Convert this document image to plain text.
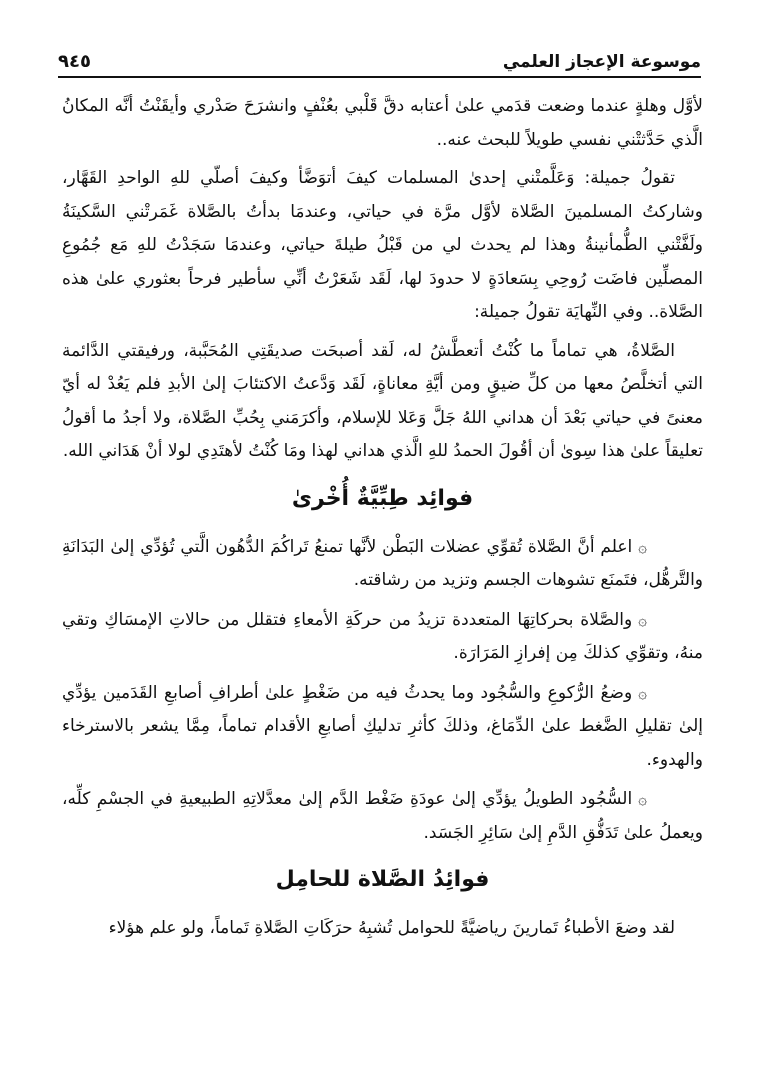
موسوعة الإعجاز العلمي
٩٤٥

لأوَّل وهلةٍ عندما وضعت قدَمي علىٰ أعتابه دقَّ قَلْبي بعُنْفٍ وانشرَحَ صَدْري وأيقَنْتُ أنَّه المكانُ الَّذي حَدَّثتْني نفسي طويلاً للبحث عنه..

تقولُ جميلة: وَعَلَّمتْني إحدىٰ المسلمات كيفَ أتوَضَّأ وكيفَ أصلّي للهِ الواحدِ القَهَّار، وشاركتُ المسلمينَ الصَّلاة لأوَّل مرَّة في حياتي، وعندمَا بدأتُ بالصَّلاة غَمَرتْني السَّكينَةُ ولَفَّتْني الطُّمأنينةُ وهذا لم يحدث لي من قَبْلُ طيلةَ حياتي، وعندمَا سَجَدْتُ للهِ مَع جُمُوعِ المصلِّين فاضَت رُوحِي بِسَعادَةٍ لا حدودَ لها، لَقَد شَعَرْتُ أنِّي سأطير فرحاً بعثوري علىٰ هذه الصَّلاة.. وفي النِّهايَة تقولُ جميلة:

الصَّلاةُ، هي تماماً ما كُنْتُ أتعطَّشُ له، لَقد أصبحَت صديقَتِي المُحَبَّبة، ورفيقتي الدَّائمة التي أتخلَّصُ معها من كلِّ ضيقٍ ومن أيَّةِ معاناةٍ، لَقَد وَدَّعتُ الاكتئابَ إلىٰ الأبدِ فلم يَعُدْ له أيّ معنىً في حياتي بَعْدَ أن هداني اللهُ جَلَّ وَعَلا للإسلام، وأكرَمَني بِحُبِّ الصَّلاة، ولا أجدُ ما أقولُ تعليقاً علىٰ هذا سِوىٰ أن أقُولَ الحمدُ للهِ الَّذي هداني لهذا ومَا كُنْتُ لأهتَدِي لولا أنْ هَدَاني الله.

فوائِد طِبِّيَّةٌ أُخْرىٰ

۞اعلم أنَّ الصَّلاة تُقوِّي عضلات البَطْن لأنَّها تمنعُ تَراكُمَ الدُّهُون الَّتي تُؤدِّي إلىٰ البَدَانَةِ والتَّرهُّل، فتَمنَع تشوهات الجسم وتزيد من رشاقته.

۞والصَّلاة بحركاتِهَا المتعددة تزيدُ من حركَةِ الأمعاءِ فتقلل من حالاتِ الإمسَاكِ وتقي منهُ، وتقوِّي كذلكَ مِن إفرازِ المَرَارَة.

۞وضعُ الرُّكوعِ والسُّجُود وما يحدثُ فيه من ضَغْطٍ علىٰ أطرافِ أصابعِ القَدَمين يؤدِّي إلىٰ تقليلِ الضَّغط علىٰ الدِّمَاغ، وذلكَ كأثرِ تدليكِ أصابعِ الأقدام تماماً، مِمَّا يشعر بالاسترخاء والهدوء.

۞السُّجُود الطويلُ يؤدِّي إلىٰ عودَةِ ضَغْط الدَّم إلىٰ معدَّلاتِهِ الطبيعيةِ في الجسْمِ كلِّه، ويعملُ علىٰ تَدَفُّقِ الدَّمِ إلىٰ سَائِرِ الجَسَد.

فوائِدُ الصَّلاة للحامِل

لقد وضعَ الأطباءُ تَمارينَ رياضيَّةً للحوامل تُشبِهُ حرَكَاتِ الصَّلاةِ تَماماً، ولو علم هؤلاء
